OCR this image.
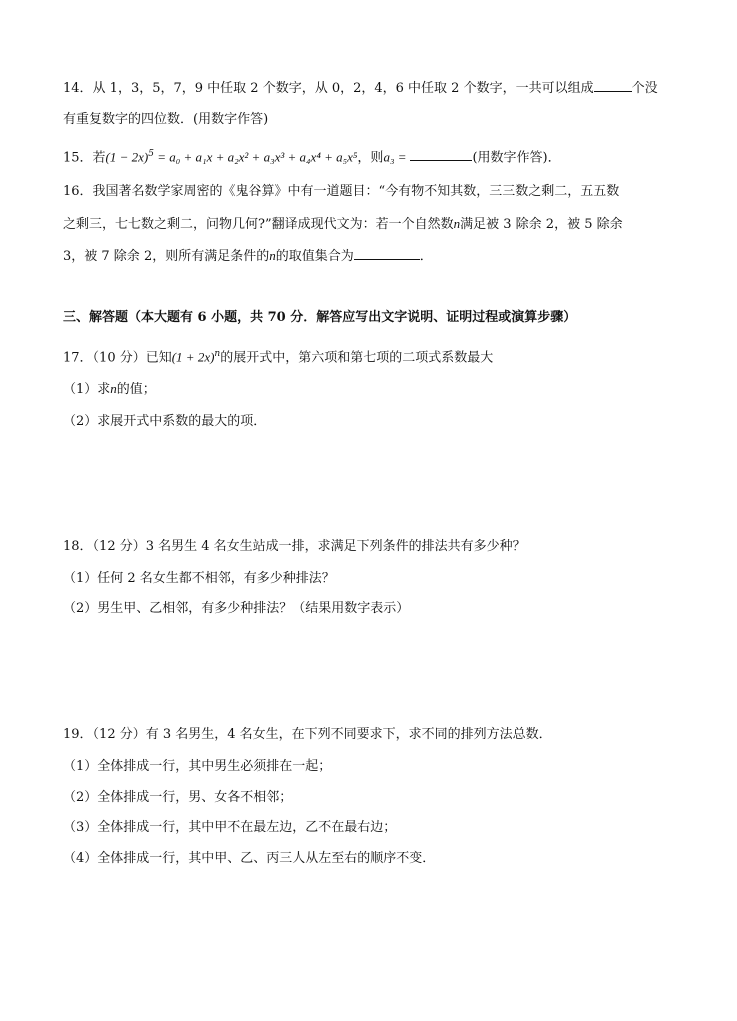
14．从 1，3，5，7，9 中任取 2 个数字，从 0，2，4，6 中任取 2 个数字，一共可以组成	个没
有重复数字的四位数．(用数字作答)
15．若$(1 - 2x)^5 = a_0 + a_1x + a_2x^2 + a_3x^3 + a_4x^4 + a_5x^5$，则a₃ =	(用数字作答)．
16．我国著名数学家周密的《鬼谷算》中有一道题目：“今有物不知其数，三三数之剩二，五五数
之剩三，七七数之剩二，问物几何?”翻译成现代文为：若一个自然数n满足被 3 除余 2，被 5 除余
3，被 7 除余 2，则所有满足条件的n的取值集合为	．
三、解答题（本大题有 6 小题，共 70 分．解答应写出文字说明、证明过程或演算步骤）
17．（10 分）已知$(1 + 2x)^n$的展开式中，第六项和第七项的二项式系数最大
（1）求n的值；
（2）求展开式中系数的最大的项．
18．（12 分）3 名男生 4 名女生站成一排，求满足下列条件的排法共有多少种？
（1）任何 2 名女生都不相邻，有多少种排法？
（2）男生甲、乙相邻，有多少种排法？（结果用数字表示）
19．（12 分）有 3 名男生，4 名女生，在下列不同要求下，求不同的排列方法总数．
（1）全体排成一行，其中男生必须排在一起；
（2）全体排成一行，男、女各不相邻；
（3）全体排成一行，其中甲不在最左边，乙不在最右边；
（4）全体排成一行，其中甲、乙、丙三人从左至右的顺序不变．
